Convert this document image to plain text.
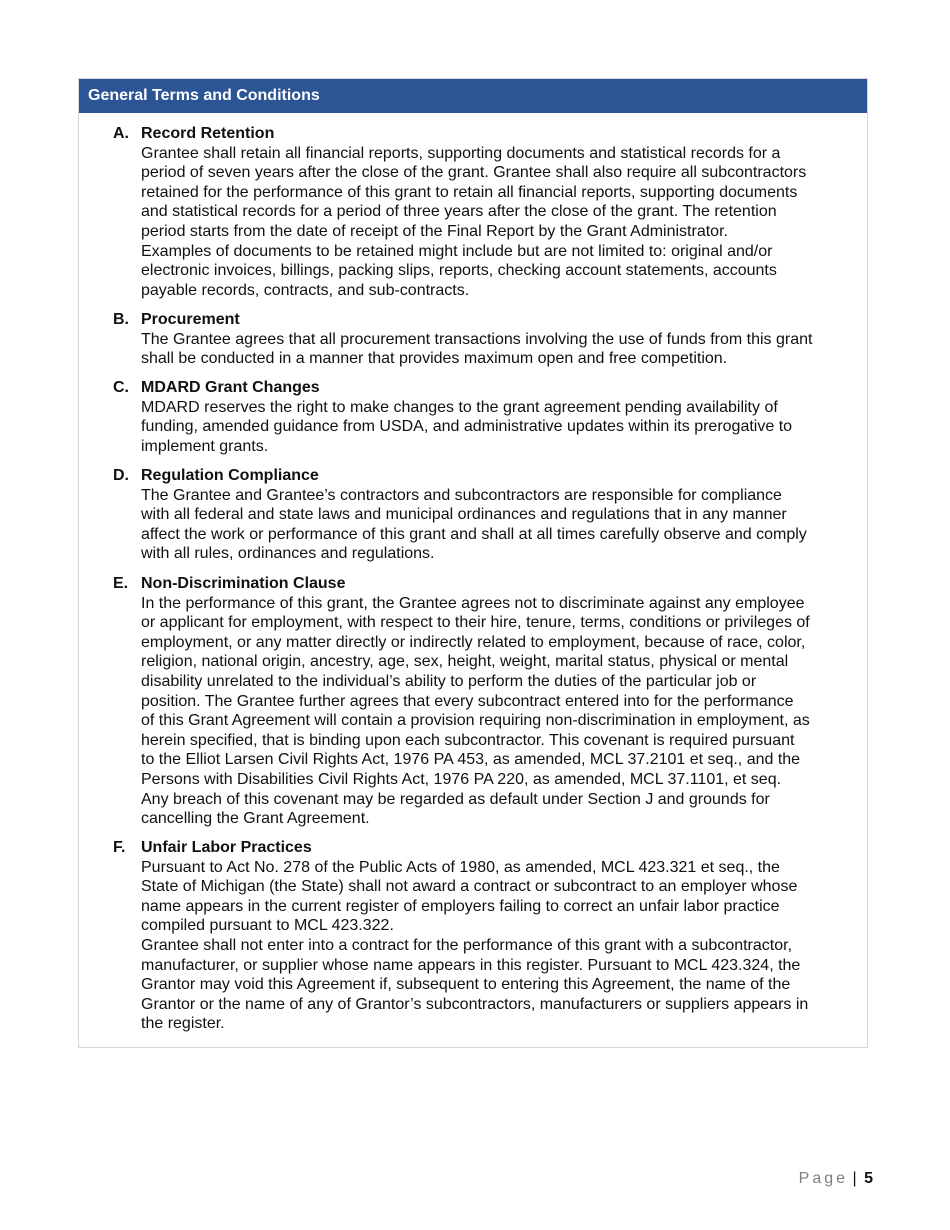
General Terms and Conditions
A. Record Retention

Grantee shall retain all financial reports, supporting documents and statistical records for a

period of seven years after the close of the grant. Grantee shall also require all subcontractors

retained for the performance of this grant to retain all financial reports, supporting documents

and statistical records for a period of three years after the close of the grant. The retention

period starts from the date of receipt of the Final Report by the Grant Administrator.

Examples of documents to be retained might include but are not limited to: original and/or

electronic invoices, billings, packing slips, reports, checking account statements, accounts

payable records, contracts, and sub-contracts.

B. Procurement

The Grantee agrees that all procurement transactions involving the use of funds from this grant

shall be conducted in a manner that provides maximum open and free competition.

C. MDARD Grant Changes

MDARD reserves the right to make changes to the grant agreement pending availability of

funding, amended guidance from USDA, and administrative updates within its prerogative to

implement grants.

D. Regulation Compliance

The Grantee and Grantee’s contractors and subcontractors are responsible for compliance

with all federal and state laws and municipal ordinances and regulations that in any manner

affect the work or performance of this grant and shall at all times carefully observe and comply

with all rules, ordinances and regulations.

E. Non-Discrimination Clause

In the performance of this grant, the Grantee agrees not to discriminate against any employee

or applicant for employment, with respect to their hire, tenure, terms, conditions or privileges of

employment, or any matter directly or indirectly related to employment, because of race, color,

religion, national origin, ancestry, age, sex, height, weight, marital status, physical or mental

disability unrelated to the individual’s ability to perform the duties of the particular job or

position. The Grantee further agrees that every subcontract entered into for the performance

of this Grant Agreement will contain a provision requiring non-discrimination in employment, as

herein specified, that is binding upon each subcontractor. This covenant is required pursuant

to the Elliot Larsen Civil Rights Act, 1976 PA 453, as amended, MCL 37.2101 et seq., and the

Persons with Disabilities Civil Rights Act, 1976 PA 220, as amended, MCL 37.1101, et seq.

Any breach of this covenant may be regarded as default under Section J and grounds for

cancelling the Grant Agreement.

F. Unfair Labor Practices

Pursuant to Act No. 278 of the Public Acts of 1980, as amended, MCL 423.321 et seq., the

State of Michigan (the State) shall not award a contract or subcontract to an employer whose

name appears in the current register of employers failing to correct an unfair labor practice

compiled pursuant to MCL 423.322.

Grantee shall not enter into a contract for the performance of this grant with a subcontractor,

manufacturer, or supplier whose name appears in this register. Pursuant to MCL 423.324, the

Grantor may void this Agreement if, subsequent to entering this Agreement, the name of the

Grantor or the name of any of Grantor’s subcontractors, manufacturers or suppliers appears in

the register.

Page | 5
